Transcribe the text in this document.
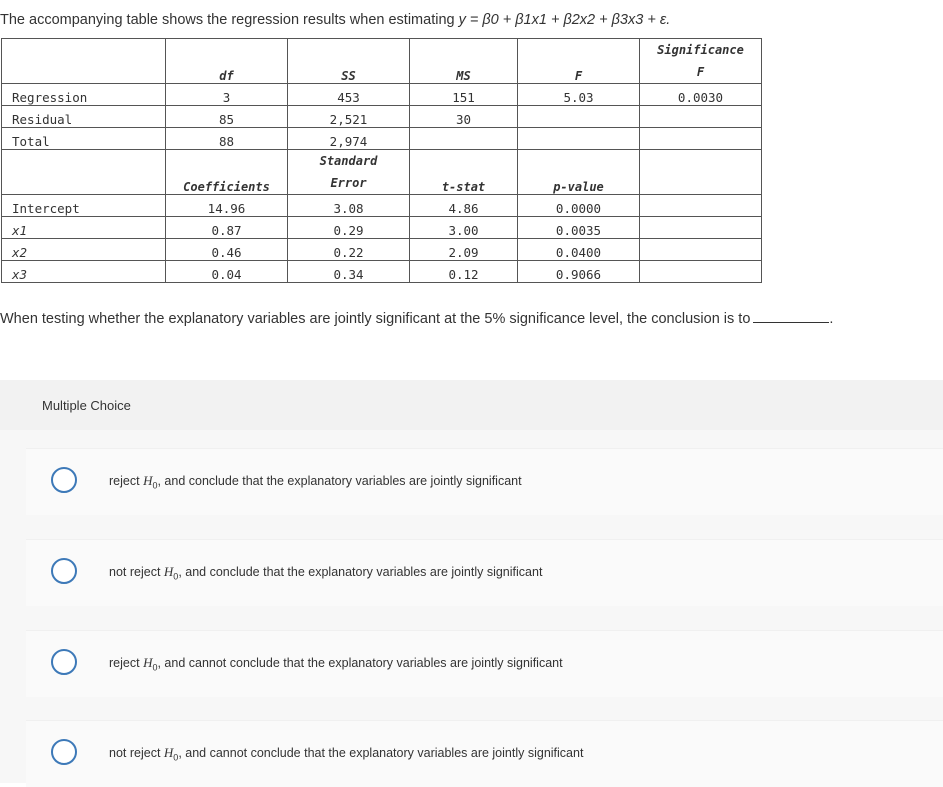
The accompanying table shows the regression results when estimating y = β0 + β1x1 + β2x2 + β3x3 + ε.
	df	SS	MS	F	Significance
F

Regression	3	453	151	5.03	0.0030
Residual	85	2,521	30		
Total	88	2,974			
	Coefficients	Standard
Error	t-stat	p-value	
Intercept	14.96	3.08	4.86	0.0000	
x1	0.87	0.29	3.00	0.0035	
x2	0.46	0.22	2.09	0.0400	
x3	0.04	0.34	0.12	0.9066	
When testing whether the explanatory variables are jointly significant at the 5% significance level, the conclusion is to	.
Multiple Choice
reject $H_0$, and conclude that the explanatory variables are jointly significant
not reject $H_0$, and conclude that the explanatory variables are jointly significant
reject $H_0$, and cannot conclude that the explanatory variables are jointly significant
not reject $H_0$, and cannot conclude that the explanatory variables are jointly significant
